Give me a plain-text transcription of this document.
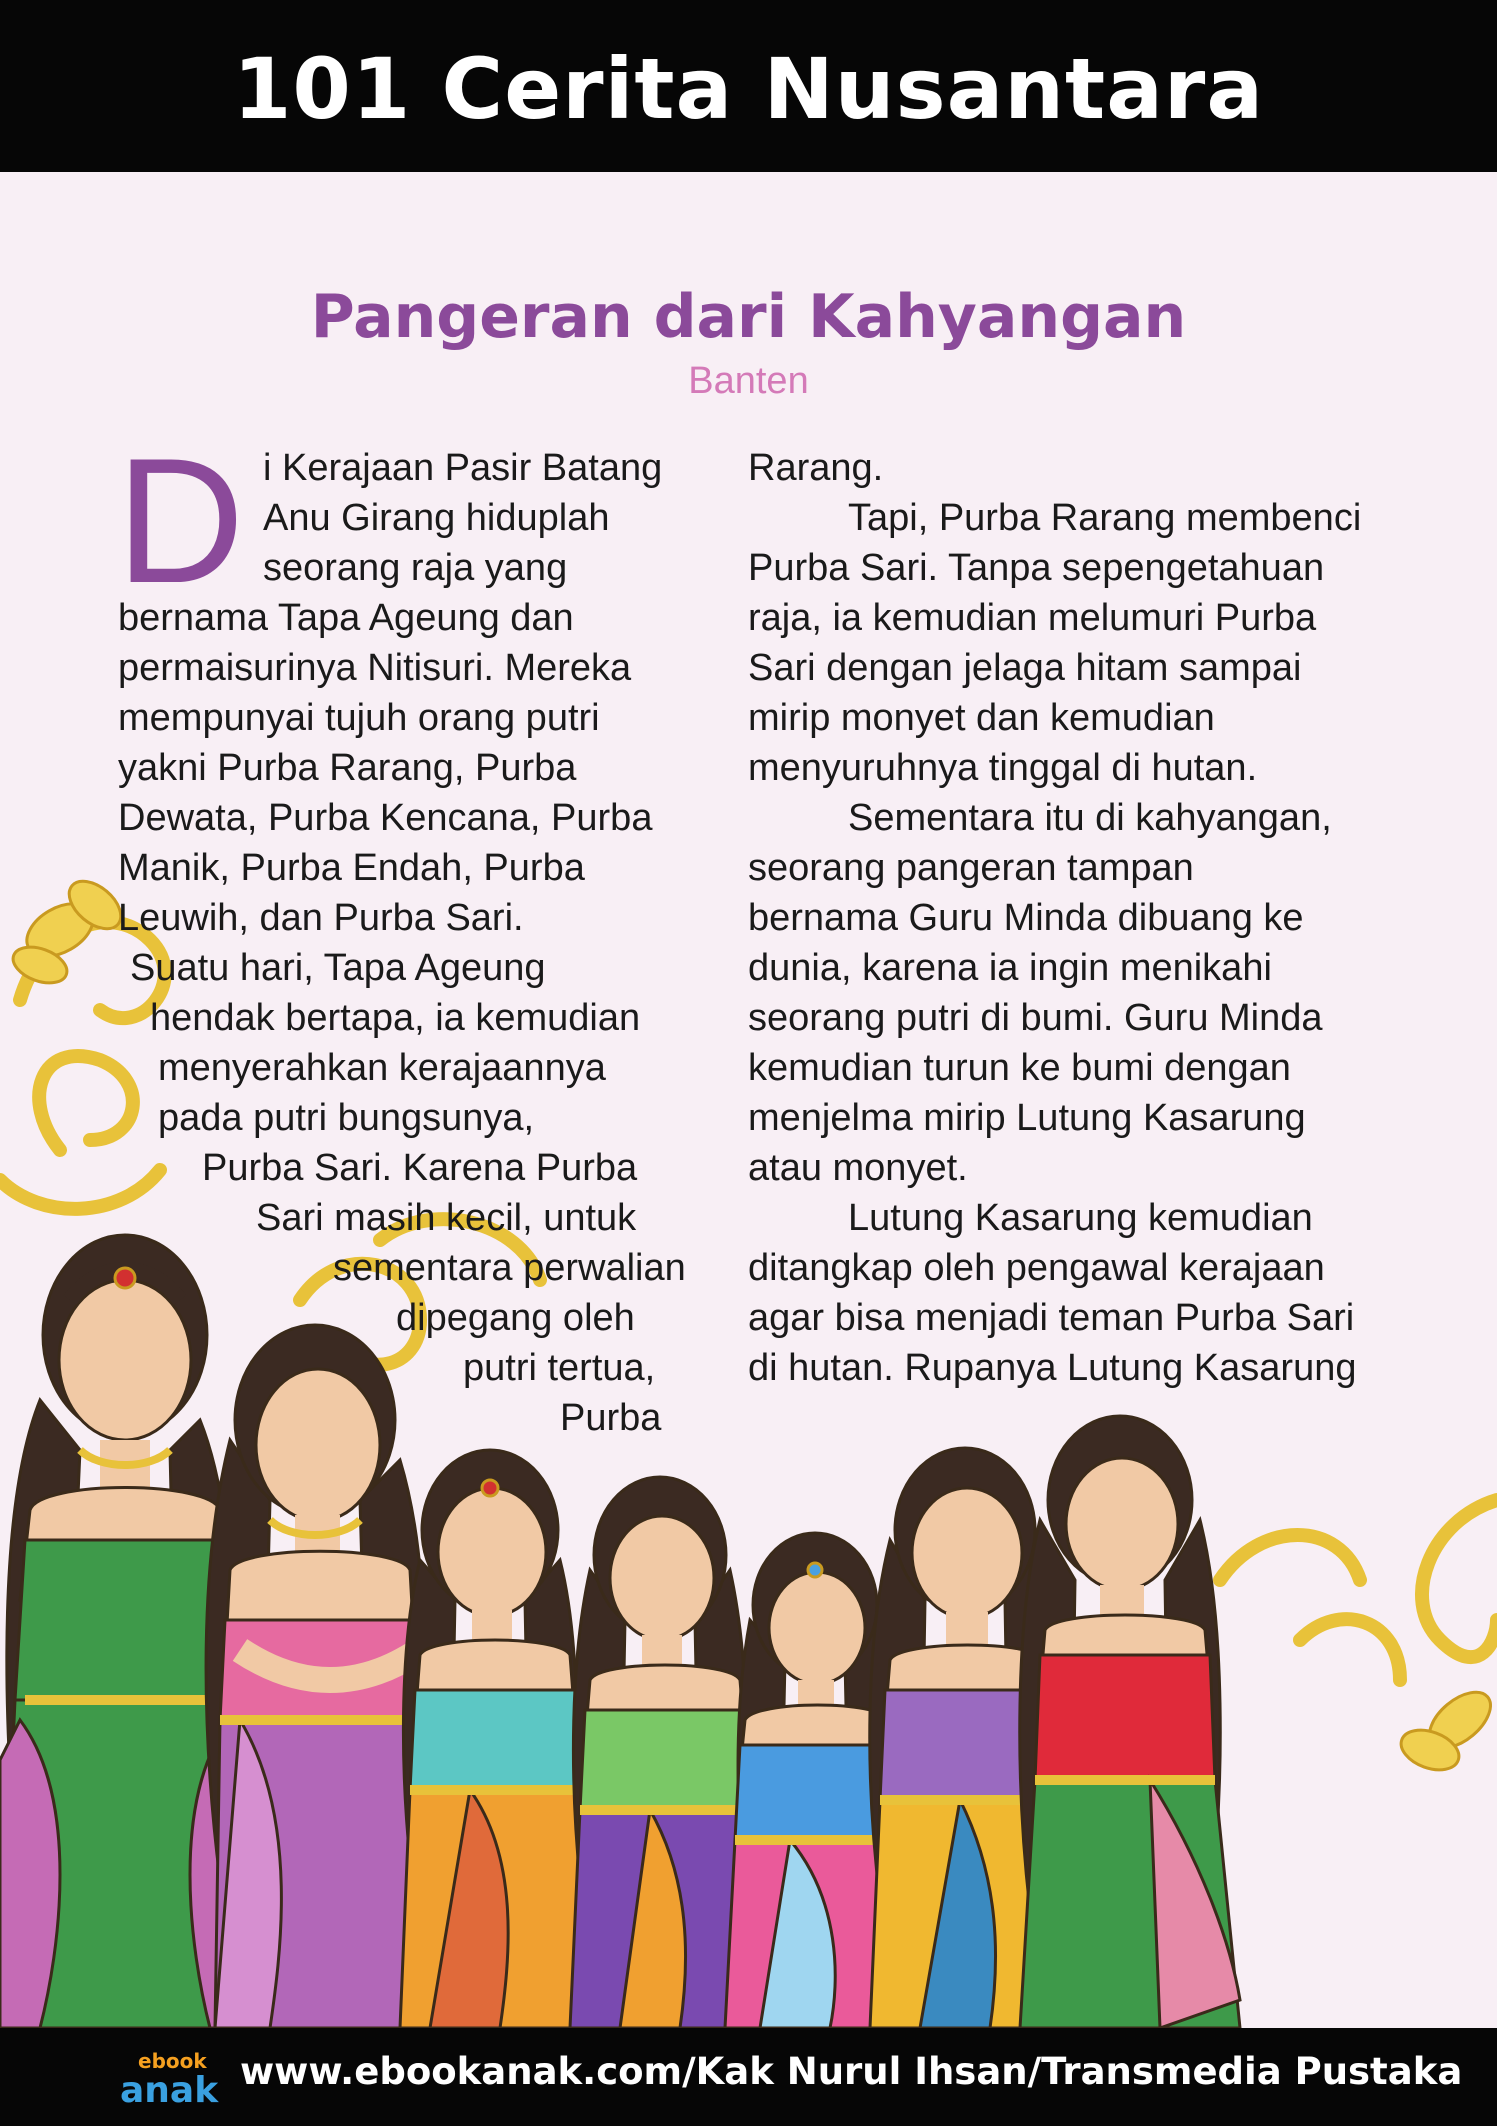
101 Cerita Nusantara
Pangeran dari Kahyangan
Banten
D i Kerajaan Pasir Batang
Anu Girang hiduplah
seorang raja yang
bernama Tapa Ageung dan
permaisurinya Nitisuri. Mereka
mempunyai tujuh orang putri
yakni Purba Rarang, Purba
Dewata, Purba Kencana, Purba
Manik, Purba Endah, Purba
Leuwih, dan Purba Sari.
Suatu hari, Tapa Ageung
hendak bertapa, ia kemudian
menyerahkan kerajaannya
pada putri bungsunya,
Purba Sari. Karena Purba
Sari masih kecil, untuk
sementara perwalian
dipegang oleh
putri tertua,
Purba
Rarang.
Tapi, Purba Rarang membenci
Purba Sari. Tanpa sepengetahuan
raja, ia kemudian melumuri Purba
Sari dengan jelaga hitam sampai
mirip monyet dan kemudian
menyuruhnya tinggal di hutan.
Sementara itu di kahyangan,
seorang pangeran tampan
bernama Guru Minda dibuang ke
dunia, karena ia ingin menikahi
seorang putri di bumi. Guru Minda
kemudian turun ke bumi dengan
menjelma mirip Lutung Kasarung
atau monyet.
Lutung Kasarung kemudian
ditangkap oleh pengawal kerajaan
agar bisa menjadi teman Purba Sari
di hutan. Rupanya Lutung Kasarung
ebook
anak www.ebookanak.com/Kak Nurul Ihsan/Transmedia Pustaka
